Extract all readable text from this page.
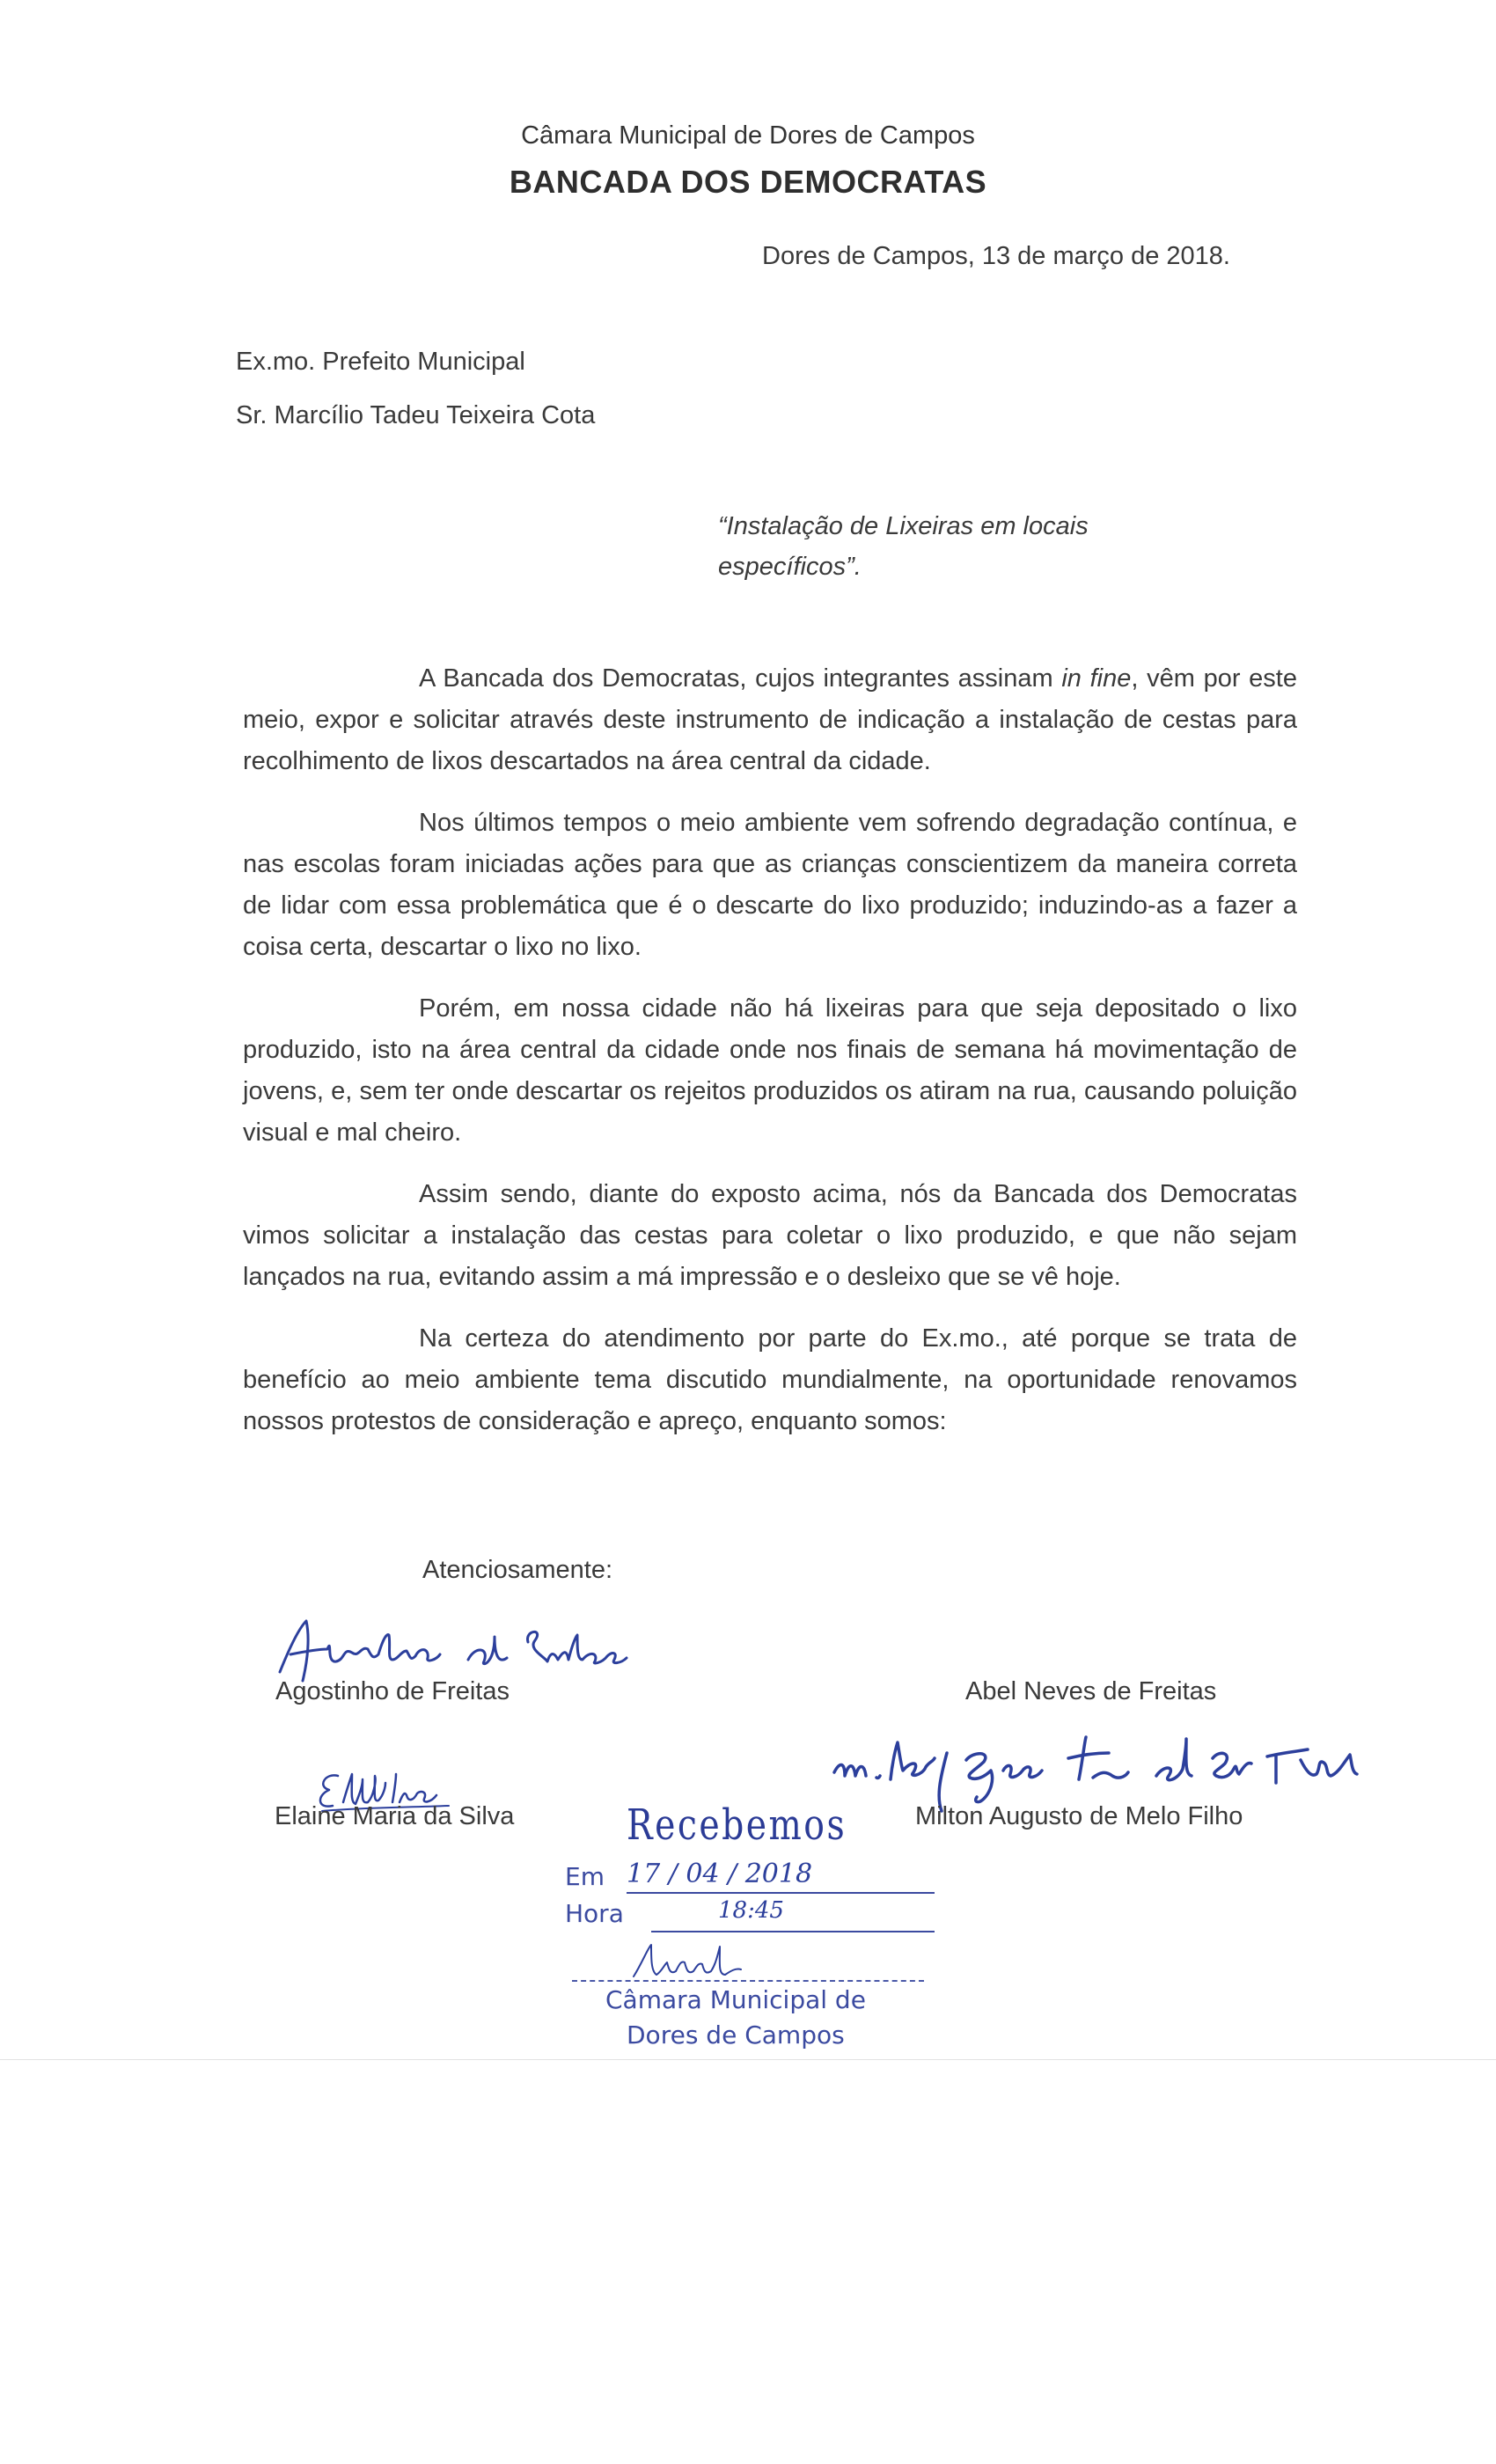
Câmara Municipal de Dores de Campos
BANCADA DOS DEMOCRATAS
Dores de Campos, 13 de março de 2018.
Ex.mo. Prefeito Municipal
Sr. Marcílio Tadeu Teixeira Cota
“Instalação de Lixeiras em locais específicos”.

A Bancada dos Democratas, cujos integrantes assinam in fine, vêm por este meio, expor e solicitar através deste instrumento de indicação a instalação de cestas para recolhimento de lixos descartados na área central da cidade.

Nos últimos tempos o meio ambiente vem sofrendo degradação contínua, e nas escolas foram iniciadas ações para que as crianças conscientizem da maneira correta de lidar com essa problemática que é o descarte do lixo produzido; induzindo-as a fazer a coisa certa, descartar o lixo no lixo.

Porém, em nossa cidade não há lixeiras para que seja depositado o lixo produzido, isto na área central da cidade onde nos finais de semana há movimentação de jovens, e, sem ter onde descartar os rejeitos produzidos os atiram na rua, causando poluição visual e mal cheiro.

Assim sendo, diante do exposto acima, nós da Bancada dos Democratas vimos solicitar a instalação das cestas para coletar o lixo produzido, e que não sejam lançados na rua, evitando assim a má impressão e o desleixo que se vê hoje.

Na certeza do atendimento por parte do Ex.mo., até porque se trata de benefício ao meio ambiente tema discutido mundialmente, na oportunidade renovamos nossos protestos de consideração e apreço, enquanto somos:

Atenciosamente:
Agostinho de Freitas	Abel Neves de Freitas
Elaine Maria da Silva	Milton Augusto de Melo Filho
Recebemos
Em 17 / 04 / 2018
Hora	18:45
Câmara Municipal de
Dores de Campos
